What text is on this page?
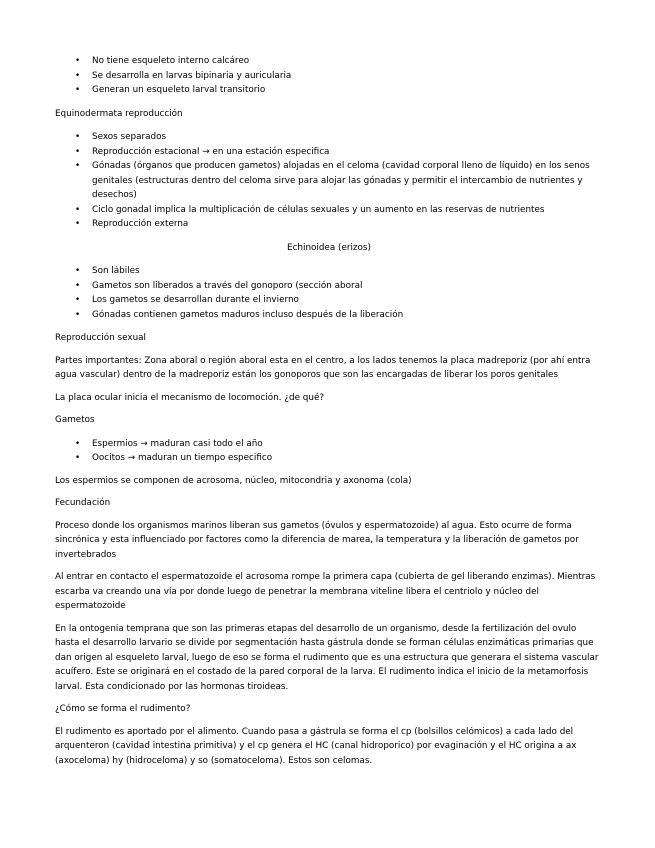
• No tiene esqueleto interno calcáreo
• Se desarrolla en larvas bipinaria y auricularia
• Generan un esqueleto larval transitorio

Equinodermata reproducción

• Sexos separados
• Reproducción estacional → en una estación especifica
• Gónadas (órganos que producen gametos) alojadas en el celoma (cavidad corporal lleno de líquido) en los senos genitales (estructuras dentro del celoma sirve para alojar las gónadas y permitir el intercambio de nutrientes y desechos)
• Ciclo gonadal implica la multiplicación de células sexuales y un aumento en las reservas de nutrientes
• Reproducción externa

Echinoidea (erizos)

• Son lábiles
• Gametos son liberados a través del gonoporo (sección aboral
• Los gametos se desarrollan durante el invierno
• Gónadas contienen gametos maduros incluso después de la liberación

Reproducción sexual

Partes importantes: Zona aboral o región aboral esta en el centro, a los lados tenemos la placa madreporiz (por ahí entra agua vascular) dentro de la madreporiz están los gonoporos que son las encargadas de liberar los poros genitales

La placa ocular inicia el mecanismo de locomoción. ¿de qué?

Gametos

• Espermios → maduran casi todo el año
• Oocitos → maduran un tiempo especifico

Los espermios se componen de acrosoma, núcleo, mitocondria y axonoma (cola)

Fecundación

Proceso donde los organismos marinos liberan sus gametos (óvulos y espermatozoide) al agua. Esto ocurre de forma sincrónica y esta influenciado por factores como la diferencia de marea, la temperatura y la liberación de gametos por invertebrados

Al entrar en contacto el espermatozoide el acrosoma rompe la primera capa (cubierta de gel liberando enzimas). Mientras escarba va creando una vía por donde luego de penetrar la membrana viteline libera el centriolo y núcleo del espermatozoide

En la ontogenia temprana que son las primeras etapas del desarrollo de un organismo, desde la fertilización del ovulo hasta el desarrollo larvario se divide por segmentación hasta gástrula donde se forman células enzimáticas primarias que dan origen al esqueleto larval, luego de eso se forma el rudimento que es una estructura que generara el sistema vascular acuífero. Este se originará en el costado de la pared corporal de la larva. El rudimento indica el inicio de la metamorfosis larval. Esta condicionado por las hormonas tiroideas.

¿Cómo se forma el rudimento?

El rudimento es aportado por el alimento. Cuando pasa a gástrula se forma el cp (bolsillos celómicos) a cada lado del arquenteron (cavidad intestina primitiva) y el cp genera el HC (canal hidroporico) por evaginación y el HC origina a ax (axoceloma) hy (hidroceloma) y so (somatoceloma). Estos son celomas.
